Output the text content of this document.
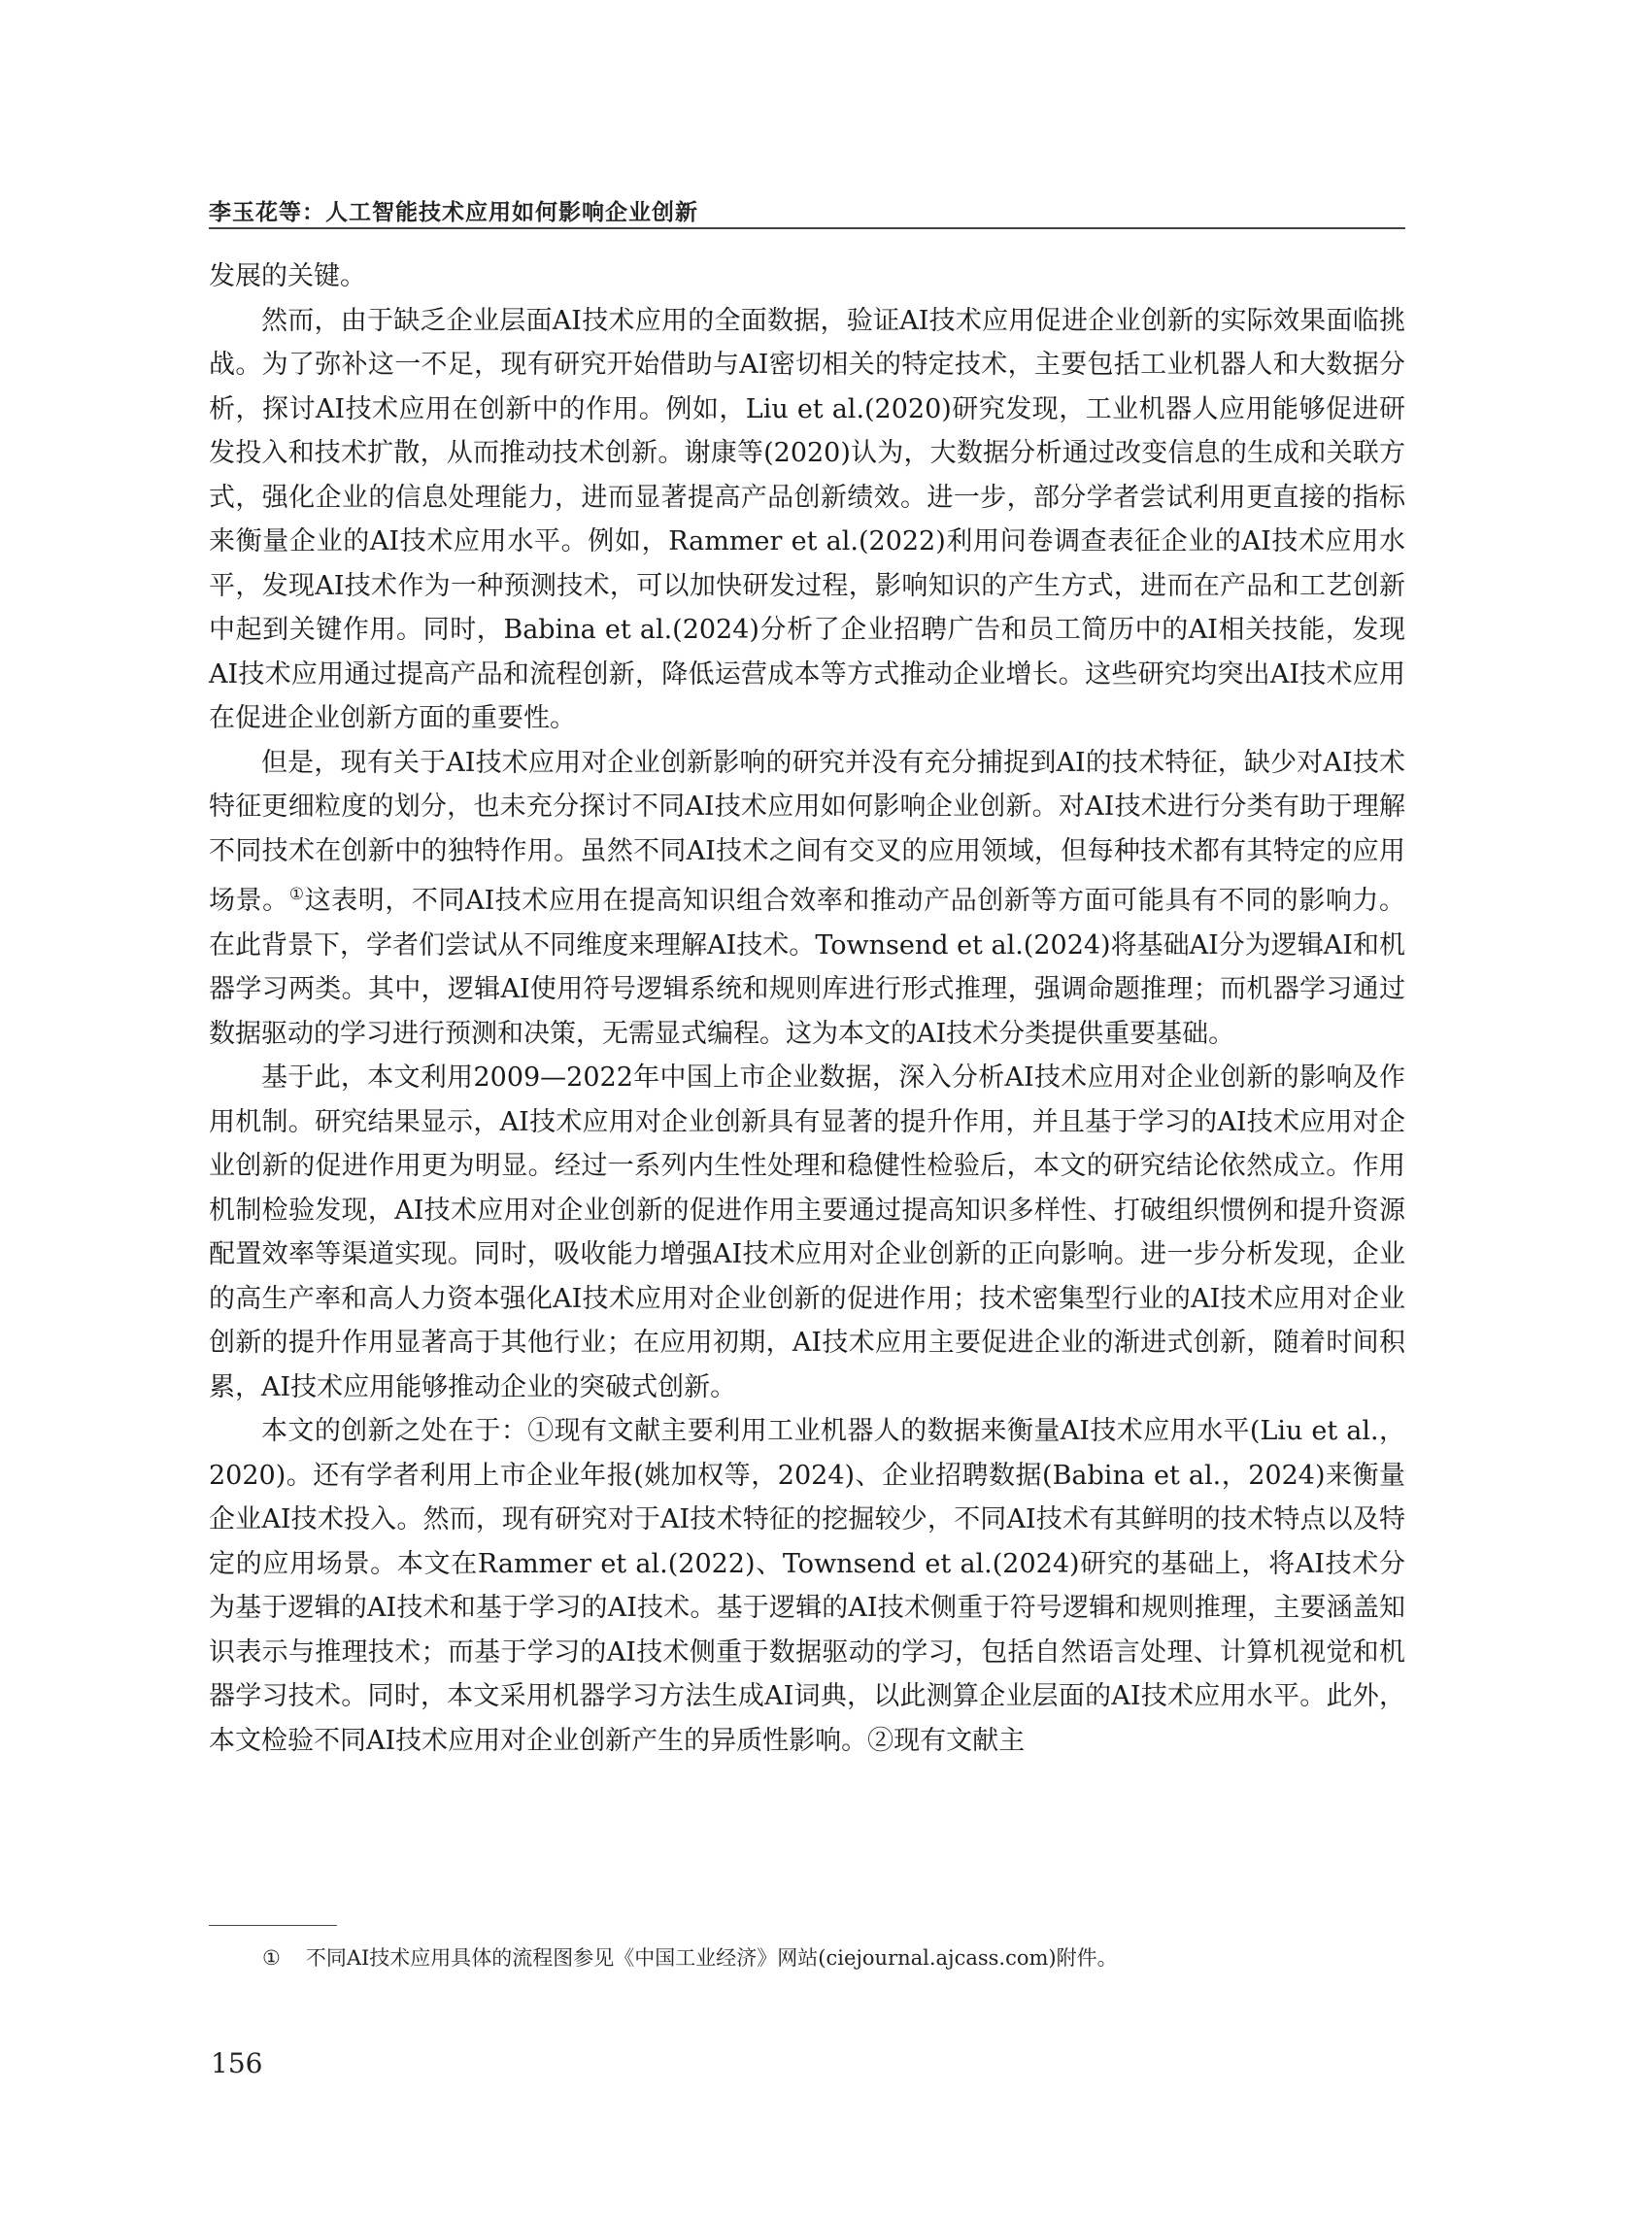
李玉花等：人工智能技术应用如何影响企业创新

发展的关键。

然而，由于缺乏企业层面AI技术应用的全面数据，验证AI技术应用促进企业创新的实际效果面临挑战。为了弥补这一不足，现有研究开始借助与AI密切相关的特定技术，主要包括工业机器人和大数据分析，探讨AI技术应用在创新中的作用。例如，Liu et al.(2020)研究发现，工业机器人应用能够促进研发投入和技术扩散，从而推动技术创新。谢康等(2020)认为，大数据分析通过改变信息的生成和关联方式，强化企业的信息处理能力，进而显著提高产品创新绩效。进一步，部分学者尝试利用更直接的指标来衡量企业的AI技术应用水平。例如，Rammer et al.(2022)利用问卷调查表征企业的AI技术应用水平，发现AI技术作为一种预测技术，可以加快研发过程，影响知识的产生方式，进而在产品和工艺创新中起到关键作用。同时，Babina et al.(2024)分析了企业招聘广告和员工简历中的AI相关技能，发现AI技术应用通过提高产品和流程创新，降低运营成本等方式推动企业增长。这些研究均突出AI技术应用在促进企业创新方面的重要性。

但是，现有关于AI技术应用对企业创新影响的研究并没有充分捕捉到AI的技术特征，缺少对AI技术特征更细粒度的划分，也未充分探讨不同AI技术应用如何影响企业创新。对AI技术进行分类有助于理解不同技术在创新中的独特作用。虽然不同AI技术之间有交叉的应用领域，但每种技术都有其特定的应用场景。①这表明，不同AI技术应用在提高知识组合效率和推动产品创新等方面可能具有不同的影响力。在此背景下，学者们尝试从不同维度来理解AI技术。Townsend et al.(2024)将基础AI分为逻辑AI和机器学习两类。其中，逻辑AI使用符号逻辑系统和规则库进行形式推理，强调命题推理；而机器学习通过数据驱动的学习进行预测和决策，无需显式编程。这为本文的AI技术分类提供重要基础。

基于此，本文利用2009—2022年中国上市企业数据，深入分析AI技术应用对企业创新的影响及作用机制。研究结果显示，AI技术应用对企业创新具有显著的提升作用，并且基于学习的AI技术应用对企业创新的促进作用更为明显。经过一系列内生性处理和稳健性检验后，本文的研究结论依然成立。作用机制检验发现，AI技术应用对企业创新的促进作用主要通过提高知识多样性、打破组织惯例和提升资源配置效率等渠道实现。同时，吸收能力增强AI技术应用对企业创新的正向影响。进一步分析发现，企业的高生产率和高人力资本强化AI技术应用对企业创新的促进作用；技术密集型行业的AI技术应用对企业创新的提升作用显著高于其他行业；在应用初期，AI技术应用主要促进企业的渐进式创新，随着时间积累，AI技术应用能够推动企业的突破式创新。

本文的创新之处在于：①现有文献主要利用工业机器人的数据来衡量AI技术应用水平(Liu et al.，2020)。还有学者利用上市企业年报(姚加权等，2024)、企业招聘数据(Babina et al.，2024)来衡量企业AI技术投入。然而，现有研究对于AI技术特征的挖掘较少，不同AI技术有其鲜明的技术特点以及特定的应用场景。本文在Rammer et al.(2022)、Townsend et al.(2024)研究的基础上，将AI技术分为基于逻辑的AI技术和基于学习的AI技术。基于逻辑的AI技术侧重于符号逻辑和规则推理，主要涵盖知识表示与推理技术；而基于学习的AI技术侧重于数据驱动的学习，包括自然语言处理、计算机视觉和机器学习技术。同时，本文采用机器学习方法生成AI词典，以此测算企业层面的AI技术应用水平。此外，本文检验不同AI技术应用对企业创新产生的异质性影响。②现有文献主

① 不同AI技术应用具体的流程图参见《中国工业经济》网站(ciejournal.ajcass.com)附件。
156
